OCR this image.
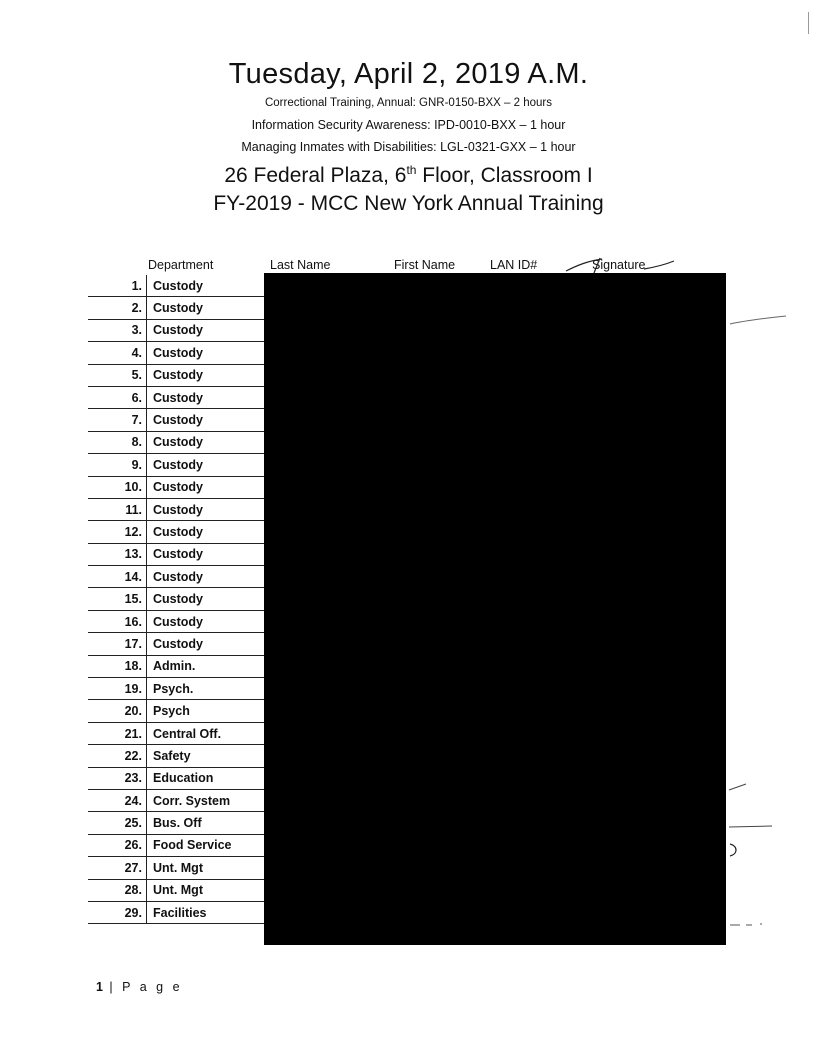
Tuesday, April 2, 2019 A.M.
Correctional Training, Annual: GNR-0150-BXX – 2 hours
Information Security Awareness: IPD-0010-BXX – 1 hour
Managing Inmates with Disabilities: LGL-0321-GXX – 1 hour
26 Federal Plaza, 6th Floor, Classroom I
FY-2019 - MCC New York Annual Training
Department	Last Name	First Name	LAN ID#	Signature
1.	Custody
2.	Custody
3.	Custody
4.	Custody
5.	Custody
6.	Custody
7.	Custody
8.	Custody
9.	Custody
10.	Custody
11.	Custody
12.	Custody
13.	Custody
14.	Custody
15.	Custody
16.	Custody
17.	Custody
18.	Admin.
19.	Psych.
20.	Psych
21.	Central Off.
22.	Safety
23.	Education
24.	Corr. System
25.	Bus. Off
26.	Food Service
27.	Unt. Mgt
28.	Unt. Mgt
29.	Facilities
1 | P a g e
